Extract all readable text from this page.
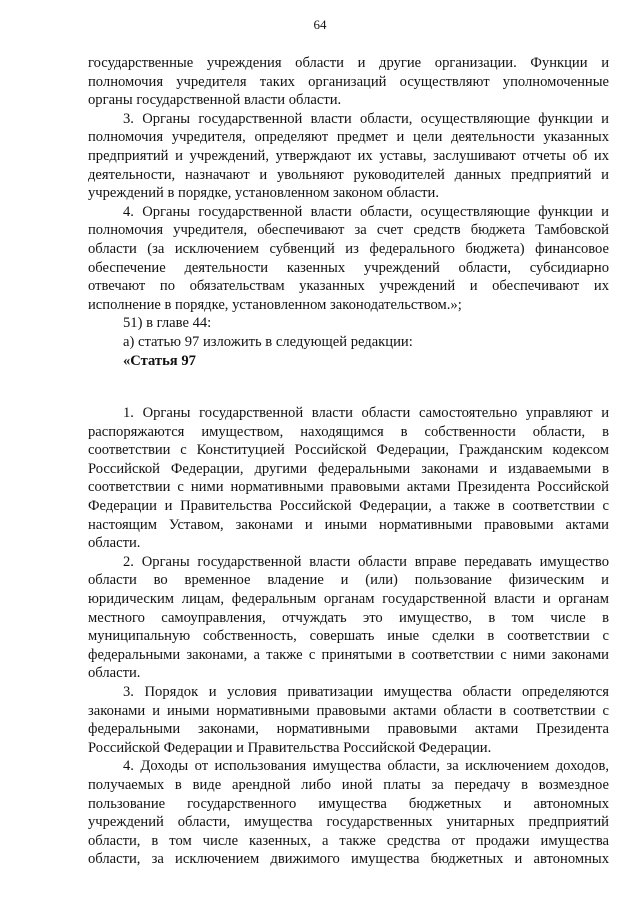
64
государственные учреждения области и другие организации. Функции и
полномочия учредителя таких организаций осуществляют уполномоченные
органы государственной власти области.
3. Органы государственной власти области, осуществляющие функции и
полномочия учредителя, определяют предмет и цели деятельности указанных
предприятий и учреждений, утверждают их уставы, заслушивают отчеты об их
деятельности, назначают и увольняют руководителей данных предприятий и
учреждений в порядке, установленном законом области.
4. Органы государственной власти области, осуществляющие функции и
полномочия учредителя, обеспечивают за счет средств бюджета Тамбовской
области (за исключением субвенций из федерального бюджета) финансовое
обеспечение деятельности казенных учреждений области, субсидиарно
отвечают по обязательствам указанных учреждений и обеспечивают их
исполнение в порядке, установленном законодательством.»;
51) в главе 44:
а) статью 97 изложить в следующей редакции:
«Статья 97
1. Органы государственной власти области самостоятельно управляют и
распоряжаются имуществом, находящимся в собственности области, в
соответствии с Конституцией Российской Федерации, Гражданским кодексом
Российской Федерации, другими федеральными законами и издаваемыми в
соответствии с ними нормативными правовыми актами Президента Российской
Федерации и Правительства Российской Федерации, а также в соответствии с
настоящим Уставом, законами и иными нормативными правовыми актами
области.
2. Органы государственной власти области вправе передавать имущество
области во временное владение и (или) пользование физическим и
юридическим лицам, федеральным органам государственной власти и органам
местного самоуправления, отчуждать это имущество, в том числе в
муниципальную собственность, совершать иные сделки в соответствии с
федеральными законами, а также с принятыми в соответствии с ними законами
области.
3. Порядок и условия приватизации имущества области определяются
законами и иными нормативными правовыми актами области в соответствии с
федеральными законами, нормативными правовыми актами Президента
Российской Федерации и Правительства Российской Федерации.
4. Доходы от использования имущества области, за исключением доходов,
получаемых в виде арендной либо иной платы за передачу в возмездное
пользование государственного имущества бюджетных и автономных
учреждений области, имущества государственных унитарных предприятий
области, в том числе казенных, а также средства от продажи имущества
области, за исключением движимого имущества бюджетных и автономных
